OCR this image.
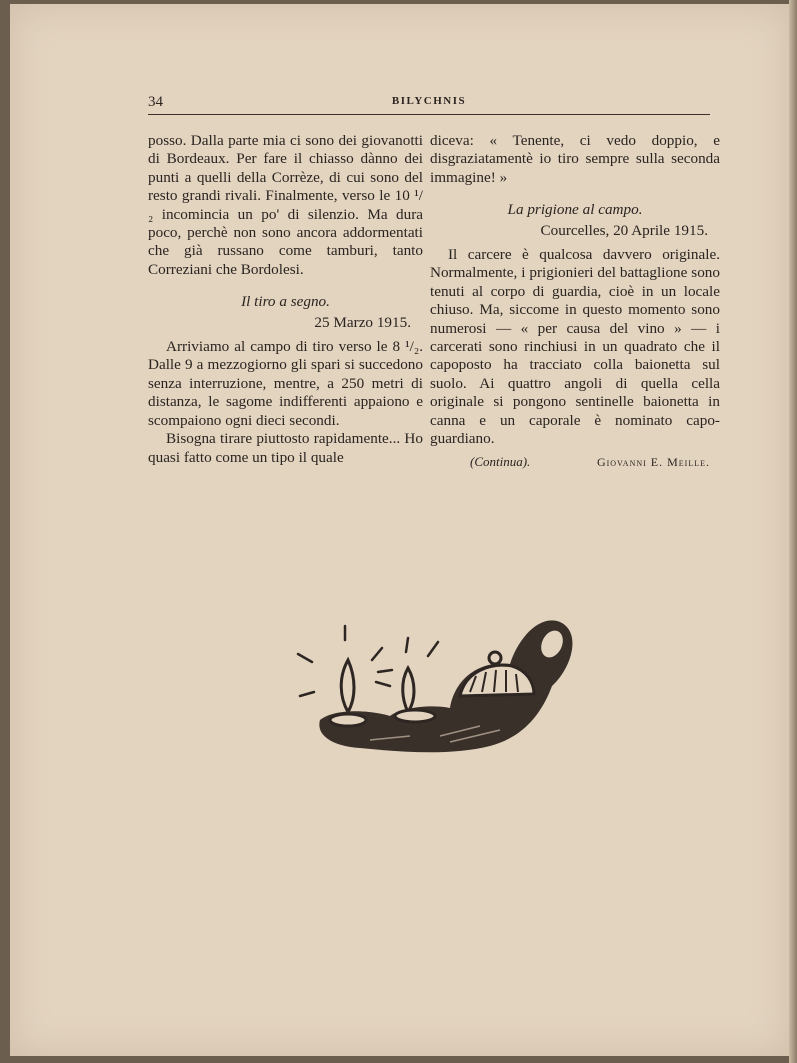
34	BILYCHNIS

posso. Dalla parte mia ci sono dei giovanotti di Bordeaux. Per fare il chiasso dànno dei punti a quelli della Corrèze, di cui sono del resto grandi rivali. Finalmente, verso le 10 ¹/₂ incomincia un po' di silenzio. Ma dura poco, perchè non sono ancora addormentati che già russano come tamburi, tanto Correziani che Bordolesi.

Il tiro a segno.

25 Marzo 1915.

Arriviamo al campo di tiro verso le 8 ¹/₂. Dalle 9 a mezzogiorno gli spari si succedono senza interruzione, mentre, a 250 metri di distanza, le sagome indifferenti appaiono e scompaiono ogni dieci secondi.

Bisogna tirare piuttosto rapidamente... Ho quasi fatto come un tipo il quale

diceva: « Tenente, ci vedo doppio, e disgraziatamentè io tiro sempre sulla seconda immagine! »

La prigione al campo.

Courcelles, 20 Aprile 1915.

Il carcere è qualcosa davvero originale. Normalmente, i prigionieri del battaglione sono tenuti al corpo di guardia, cioè in un locale chiuso. Ma, siccome in questo momento sono numerosi — « per causa del vino » — i carcerati sono rinchiusi in un quadrato che il capoposto ha tracciato colla baionetta sul suolo. Ai quattro angoli di quella cella originale si pongono sentinelle baionetta in canna e un caporale è nominato capo-guardiano.

(Continua).	Giovanni E. Meille.
